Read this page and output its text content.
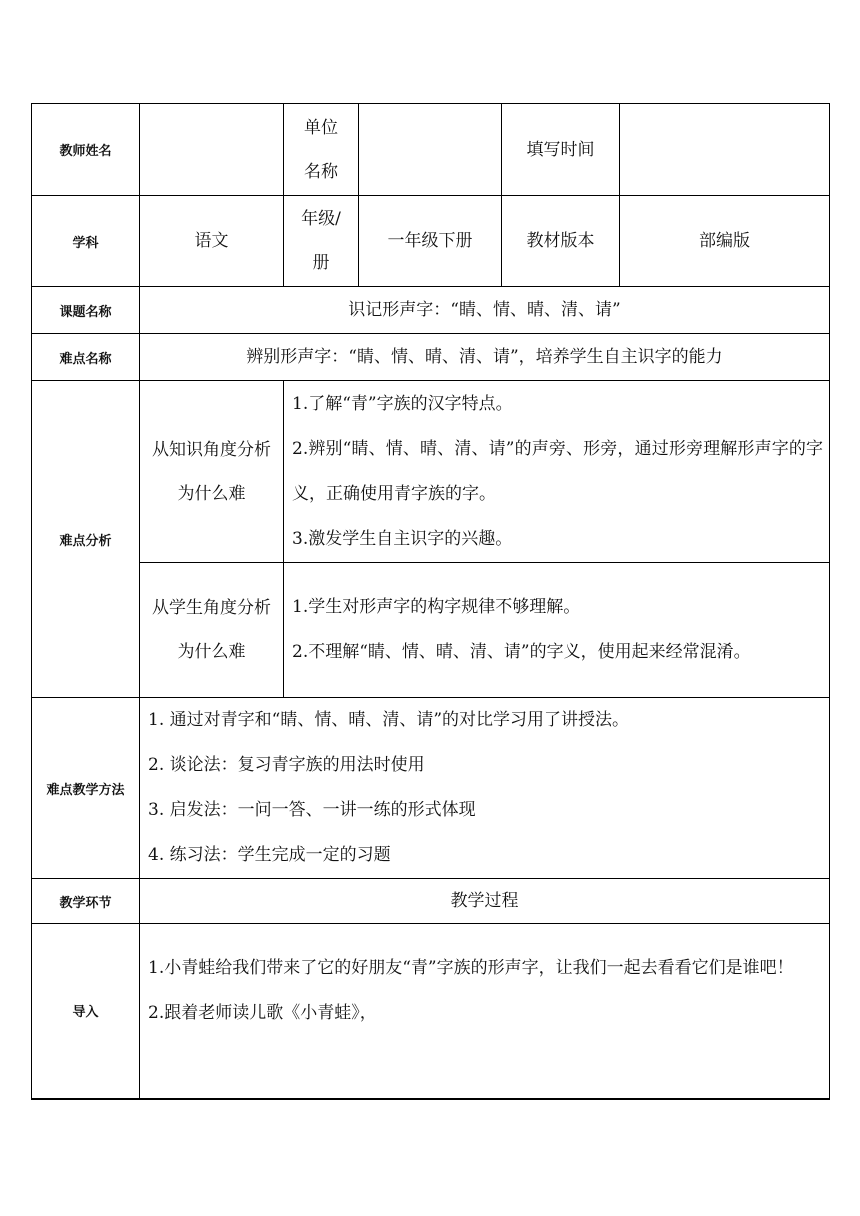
教师姓名		单位名称		填写时间	
学科	语文	年级/册	一年级下册	教材版本	部编版
课题名称	识记形声字：“睛、情、晴、清、请”				
难点名称	辨别形声字：“睛、情、晴、清、请”，培养学生自主识字的能力				
难点分析	从知识角度分析为什么难	1.了解“青”字族的汉字特点。

2.辨别“睛、情、晴、清、请”的声旁、形旁，通过形旁理解形声字的字义，正确使用青字族的字。

3.激发学生自主识字的兴趣。			

	从学生角度分析为什么难	1.学生对形声字的构字规律不够理解。

2.不理解“睛、情、晴、清、请”的字义，使用起来经常混淆。			

难点教学方法	1. 通过对青字和“睛、情、晴、清、请”的对比学习用了讲授法。

2. 谈论法：复习青字族的用法时使用

3. 启发法：一问一答、一讲一练的形式体现

4. 练习法：学生完成一定的习题				

教学环节	教学过程				
导入	1.小青蛙给我们带来了它的好朋友“青”字族的形声字，让我们一起去看看它们是谁吧！

2.跟着老师读儿歌《小青蛙》，				
